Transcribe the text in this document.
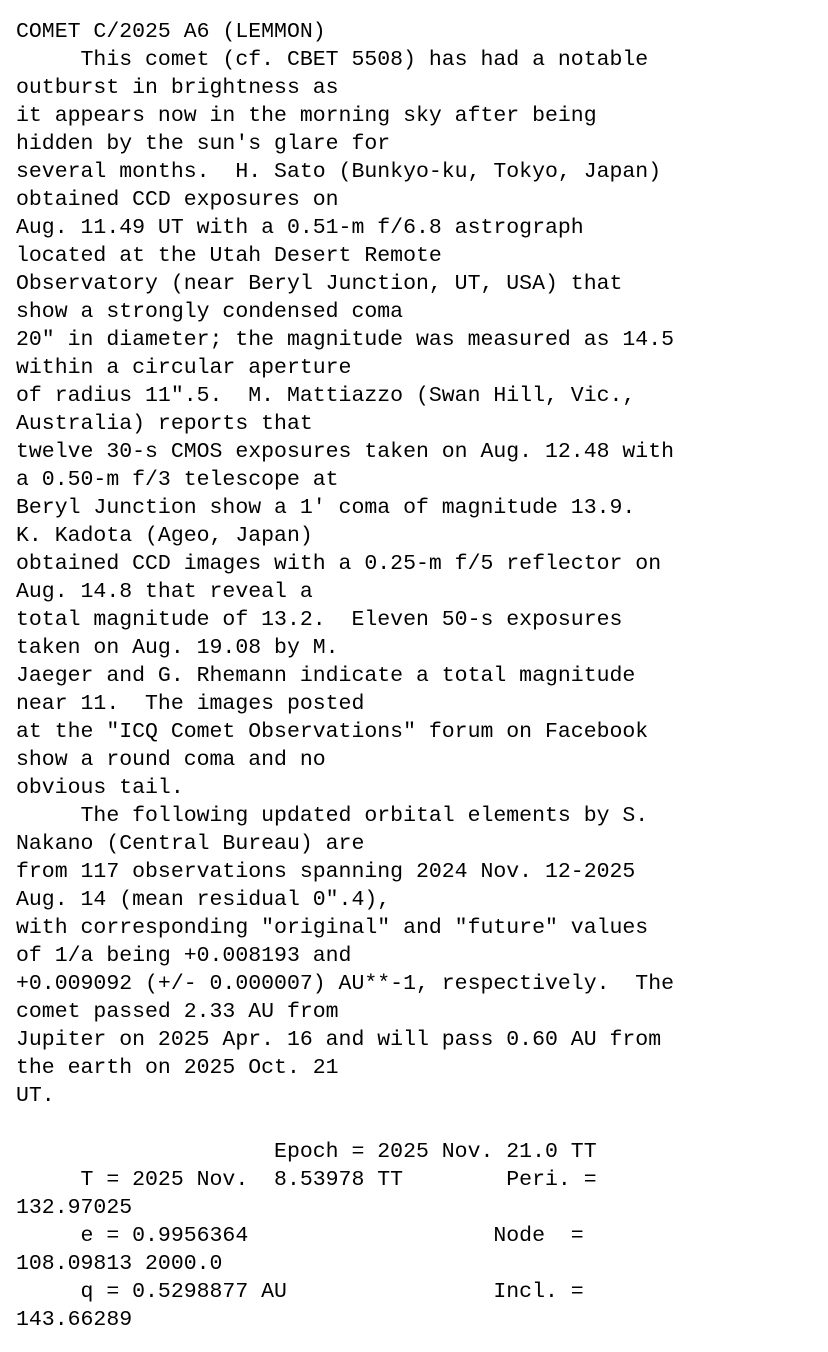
COMET C/2025 A6 (LEMMON)
This comet (cf. CBET 5508) has had a notable
outburst in brightness as
it appears now in the morning sky after being
hidden by the sun's glare for
several months.  H. Sato (Bunkyo-ku, Tokyo, Japan)
obtained CCD exposures on
Aug. 11.49 UT with a 0.51-m f/6.8 astrograph
located at the Utah Desert Remote
Observatory (near Beryl Junction, UT, USA) that
show a strongly condensed coma
20" in diameter; the magnitude was measured as 14.5
within a circular aperture
of radius 11".5.  M. Mattiazzo (Swan Hill, Vic.,
Australia) reports that
twelve 30-s CMOS exposures taken on Aug. 12.48 with
a 0.50-m f/3 telescope at
Beryl Junction show a 1' coma of magnitude 13.9.
K. Kadota (Ageo, Japan)
obtained CCD images with a 0.25-m f/5 reflector on
Aug. 14.8 that reveal a
total magnitude of 13.2.  Eleven 50-s exposures
taken on Aug. 19.08 by M.
Jaeger and G. Rhemann indicate a total magnitude
near 11.  The images posted
at the "ICQ Comet Observations" forum on Facebook
show a round coma and no
obvious tail.
The following updated orbital elements by S.
Nakano (Central Bureau) are
from 117 observations spanning 2024 Nov. 12-2025
Aug. 14 (mean residual 0".4),
with corresponding "original" and "future" values
of 1/a being +0.008193 and
+0.009092 (+/- 0.000007) AU**-1, respectively.  The
comet passed 2.33 AU from
Jupiter on 2025 Apr. 16 and will pass 0.60 AU from
the earth on 2025 Oct. 21
UT.
Epoch = 2025 Nov. 21.0 TT
T = 2025 Nov.  8.53978 TT        Peri. =
132.97025
e = 0.9956364                   Node  =
108.09813 2000.0
q = 0.5298877 AU                Incl. =
143.66289
